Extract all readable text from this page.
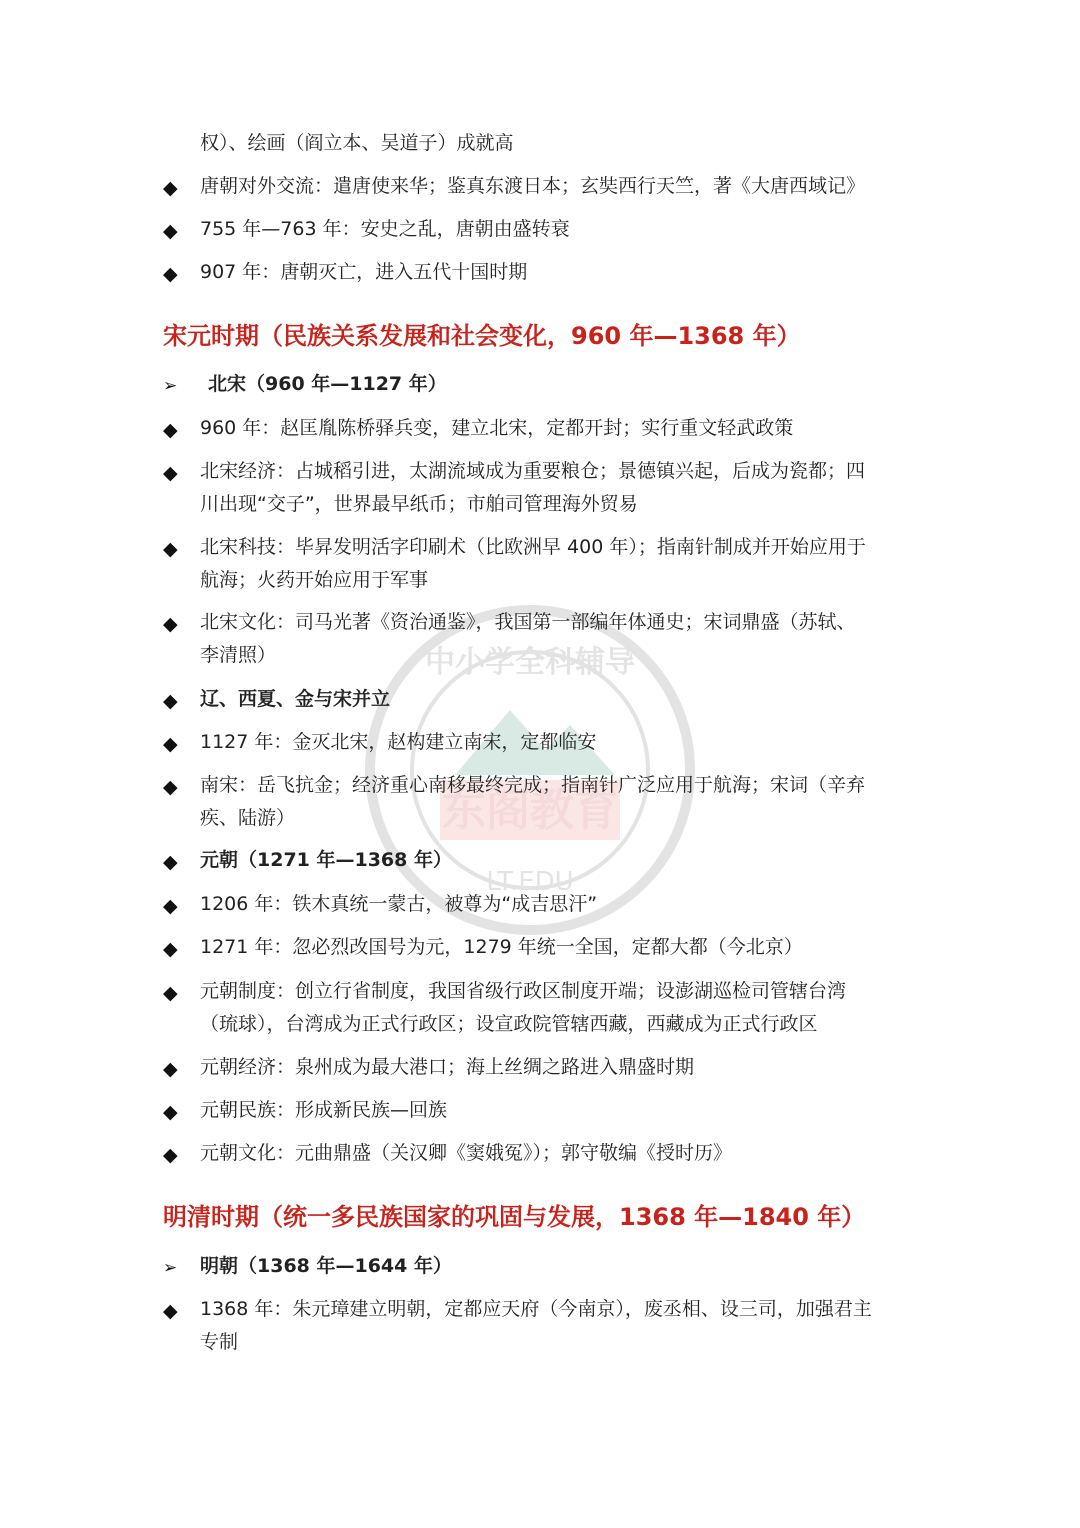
东阁教育
LT.EDU
中小学全科辅导
权）、绘画（阎立本、吴道子）成就高
◆ 唐朝对外交流：遣唐使来华；鉴真东渡日本；玄奘西行天竺，著《大唐西域记》
◆ 755 年—763 年：安史之乱，唐朝由盛转衰
◆ 907 年：唐朝灭亡，进入五代十国时期
宋元时期（民族关系发展和社会变化，960 年—1368 年）
➢	北宋（960 年—1127 年）
◆ 960 年：赵匡胤陈桥驿兵变，建立北宋，定都开封；实行重文轻武政策
◆ 北宋经济：占城稻引进，太湖流域成为重要粮仓；景德镇兴起，后成为瓷都；四
川出现“交子”，世界最早纸币；市舶司管理海外贸易
◆ 北宋科技：毕昇发明活字印刷术（比欧洲早 400 年）；指南针制成并开始应用于
航海；火药开始应用于军事
◆ 北宋文化：司马光著《资治通鉴》，我国第一部编年体通史；宋词鼎盛（苏轼、
李清照）
◆ 辽、西夏、金与宋并立
◆ 1127 年：金灭北宋，赵构建立南宋，定都临安
◆ 南宋：岳飞抗金；经济重心南移最终完成；指南针广泛应用于航海；宋词（辛弃
疾、陆游）
◆ 元朝（1271 年—1368 年）
◆ 1206 年：铁木真统一蒙古，被尊为“成吉思汗”
◆ 1271 年：忽必烈改国号为元，1279 年统一全国，定都大都（今北京）
◆ 元朝制度：创立行省制度，我国省级行政区制度开端；设澎湖巡检司管辖台湾
（琉球），台湾成为正式行政区；设宣政院管辖西藏，西藏成为正式行政区
◆ 元朝经济：泉州成为最大港口；海上丝绸之路进入鼎盛时期
◆ 元朝民族：形成新民族—回族
◆ 元朝文化：元曲鼎盛（关汉卿《窦娥冤》）；郭守敬编《授时历》
明清时期（统一多民族国家的巩固与发展，1368 年—1840 年）
➢	明朝（1368 年—1644 年）
◆ 1368 年：朱元璋建立明朝，定都应天府（今南京），废丞相、设三司，加强君主
专制
